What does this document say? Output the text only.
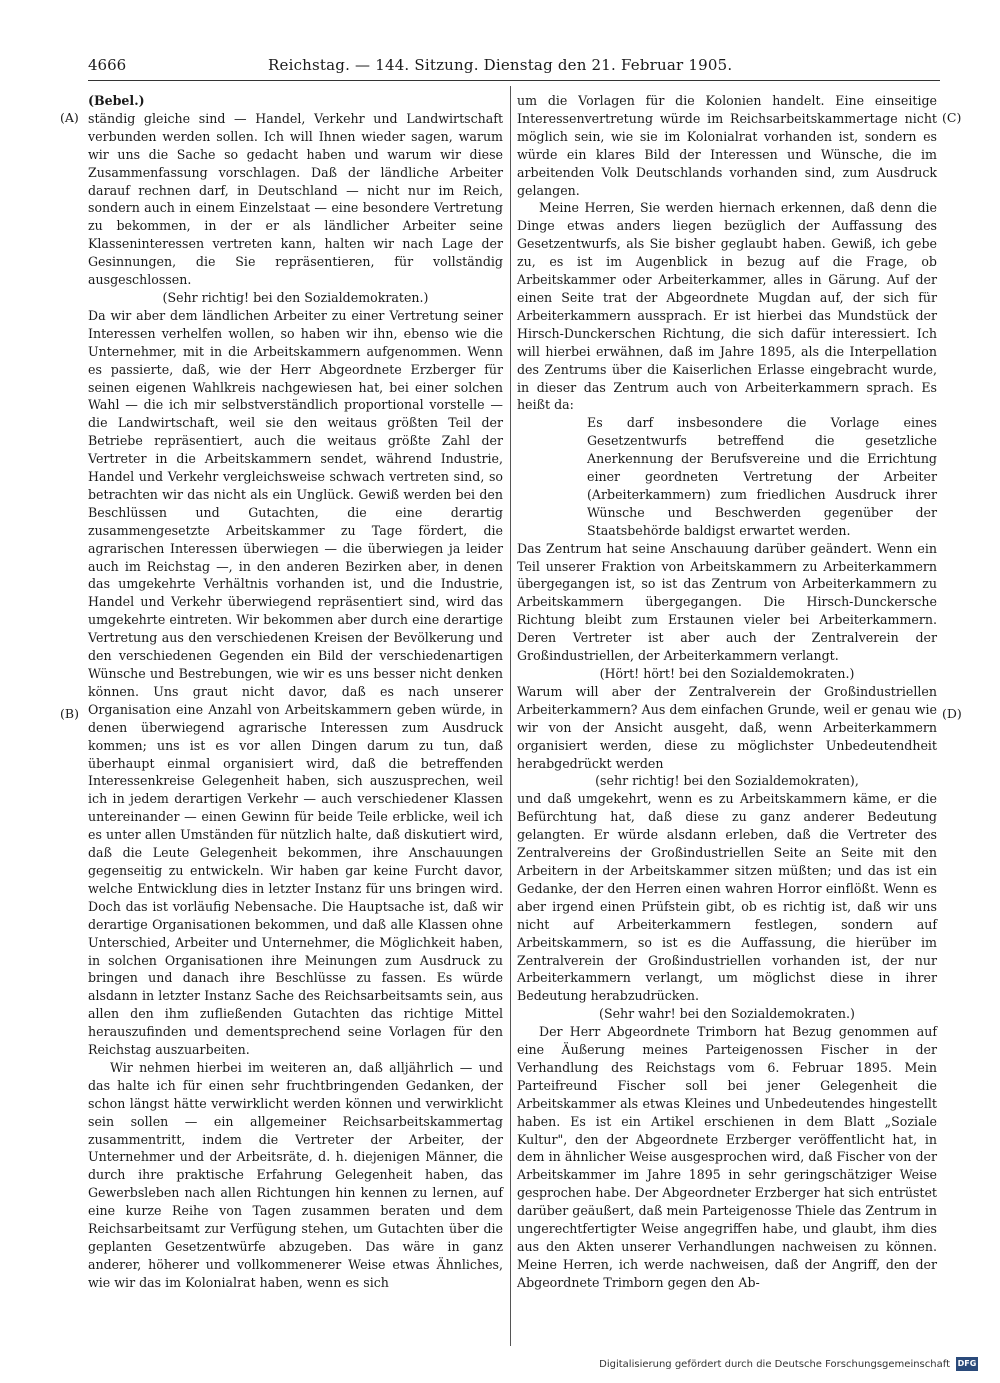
4666	Reichstag. — 144. Sitzung. Dienstag den 21. Februar 1905.
(A)
(B)
(C)
(D)

(Bebel.)

ständig gleiche sind — Handel, Verkehr und Landwirtschaft verbunden werden sollen. Ich will Ihnen wieder sagen, warum wir uns die Sache so gedacht haben und warum wir diese Zusammenfassung vorschlagen. Daß der ländliche Arbeiter darauf rechnen darf, in Deutschland — nicht nur im Reich, sondern auch in einem Einzelstaat — eine besondere Vertretung zu bekommen, in der er als ländlicher Arbeiter seine Klasseninteressen vertreten kann, halten wir nach Lage der Gesinnungen, die Sie repräsentieren, für vollständig ausgeschlossen.

(Sehr richtig! bei den Sozialdemokraten.)

Da wir aber dem ländlichen Arbeiter zu einer Vertretung seiner Interessen verhelfen wollen, so haben wir ihn, ebenso wie die Unternehmer, mit in die Arbeitskammern aufgenommen. Wenn es passierte, daß, wie der Herr Abgeordnete Erzberger für seinen eigenen Wahlkreis nachgewiesen hat, bei einer solchen Wahl — die ich mir selbstverständlich proportional vorstelle — die Landwirtschaft, weil sie den weitaus größten Teil der Betriebe repräsentiert, auch die weitaus größte Zahl der Vertreter in die Arbeitskammern sendet, während Industrie, Handel und Verkehr vergleichsweise schwach vertreten sind, so betrachten wir das nicht als ein Unglück. Gewiß werden bei den Beschlüssen und Gutachten, die eine derartig zusammengesetzte Arbeitskammer zu Tage fördert, die agrarischen Interessen überwiegen — die überwiegen ja leider auch im Reichstag —, in den anderen Bezirken aber, in denen das umgekehrte Verhältnis vorhanden ist, und die Industrie, Handel und Verkehr überwiegend repräsentiert sind, wird das umgekehrte eintreten. Wir bekommen aber durch eine derartige Vertretung aus den verschiedenen Kreisen der Bevölkerung und den verschiedenen Gegenden ein Bild der verschiedenartigen Wünsche und Bestrebungen, wie wir es uns besser nicht denken können. Uns graut nicht davor, daß es nach unserer Organisation eine Anzahl von Arbeitskammern geben würde, in denen überwiegend agrarische Interessen zum Ausdruck kommen; uns ist es vor allen Dingen darum zu tun, daß überhaupt einmal organisiert wird, daß die betreffenden Interessenkreise Gelegenheit haben, sich auszusprechen, weil ich in jedem derartigen Verkehr — auch verschiedener Klassen untereinander — einen Gewinn für beide Teile erblicke, weil ich es unter allen Umständen für nützlich halte, daß diskutiert wird, daß die Leute Gelegenheit bekommen, ihre Anschauungen gegenseitig zu entwickeln. Wir haben gar keine Furcht davor, welche Entwicklung dies in letzter Instanz für uns bringen wird. Doch das ist vorläufig Nebensache. Die Hauptsache ist, daß wir derartige Organisationen bekommen, und daß alle Klassen ohne Unterschied, Arbeiter und Unternehmer, die Möglichkeit haben, in solchen Organisationen ihre Meinungen zum Ausdruck zu bringen und danach ihre Beschlüsse zu fassen. Es würde alsdann in letzter Instanz Sache des Reichsarbeitsamts sein, aus allen den ihm zufließenden Gutachten das richtige Mittel herauszufinden und dementsprechend seine Vorlagen für den Reichstag auszuarbeiten.

Wir nehmen hierbei im weiteren an, daß alljährlich — und das halte ich für einen sehr fruchtbringenden Gedanken, der schon längst hätte verwirklicht werden können und verwirklicht sein sollen — ein allgemeiner Reichsarbeitskammertag zusammentritt, indem die Vertreter der Arbeiter, der Unternehmer und der Arbeitsräte, d. h. diejenigen Männer, die durch ihre praktische Erfahrung Gelegenheit haben, das Gewerbsleben nach allen Richtungen hin kennen zu lernen, auf eine kurze Reihe von Tagen zusammen beraten und dem Reichsarbeitsamt zur Verfügung stehen, um Gutachten über die geplanten Gesetzentwürfe abzugeben. Das wäre in ganz anderer, höherer und vollkommenerer Weise etwas Ähnliches, wie wir das im Kolonialrat haben, wenn es sich

um die Vorlagen für die Kolonien handelt. Eine einseitige Interessenvertretung würde im Reichsarbeitskammertage nicht möglich sein, wie sie im Kolonialrat vorhanden ist, sondern es würde ein klares Bild der Interessen und Wünsche, die im arbeitenden Volk Deutschlands vorhanden sind, zum Ausdruck gelangen.

Meine Herren, Sie werden hiernach erkennen, daß denn die Dinge etwas anders liegen bezüglich der Auffassung des Gesetzentwurfs, als Sie bisher geglaubt haben. Gewiß, ich gebe zu, es ist im Augenblick in bezug auf die Frage, ob Arbeitskammer oder Arbeiterkammer, alles in Gärung. Auf der einen Seite trat der Abgeordnete Mugdan auf, der sich für Arbeiterkammern aussprach. Er ist hierbei das Mundstück der Hirsch-Dunckerschen Richtung, die sich dafür interessiert. Ich will hierbei erwähnen, daß im Jahre 1895, als die Interpellation des Zentrums über die Kaiserlichen Erlasse eingebracht wurde, in dieser das Zentrum auch von Arbeiterkammern sprach. Es heißt da:

Es darf insbesondere die Vorlage eines Gesetzentwurfs betreffend die gesetzliche Anerkennung der Berufsvereine und die Errichtung einer geordneten Vertretung der Arbeiter (Arbeiterkammern) zum friedlichen Ausdruck ihrer Wünsche und Beschwerden gegenüber der Staatsbehörde baldigst erwartet werden.

Das Zentrum hat seine Anschauung darüber geändert. Wenn ein Teil unserer Fraktion von Arbeitskammern zu Arbeiterkammern übergegangen ist, so ist das Zentrum von Arbeiterkammern zu Arbeitskammern übergegangen. Die Hirsch-Dunckersche Richtung bleibt zum Erstaunen vieler bei Arbeiterkammern. Deren Vertreter ist aber auch der Zentralverein der Großindustriellen, der Arbeiterkammern verlangt.

(Hört! hört! bei den Sozialdemokraten.)

Warum will aber der Zentralverein der Großindustriellen Arbeiterkammern? Aus dem einfachen Grunde, weil er genau wie wir von der Ansicht ausgeht, daß, wenn Arbeiterkammern organisiert werden, diese zu möglichster Unbedeutendheit herabgedrückt werden

(sehr richtig! bei den Sozialdemokraten),

und daß umgekehrt, wenn es zu Arbeitskammern käme, er die Befürchtung hat, daß diese zu ganz anderer Bedeutung gelangten. Er würde alsdann erleben, daß die Vertreter des Zentralvereins der Großindustriellen Seite an Seite mit den Arbeitern in der Arbeitskammer sitzen müßten; und das ist ein Gedanke, der den Herren einen wahren Horror einflößt. Wenn es aber irgend einen Prüfstein gibt, ob es richtig ist, daß wir uns nicht auf Arbeiterkammern festlegen, sondern auf Arbeitskammern, so ist es die Auffassung, die hierüber im Zentralverein der Großindustriellen vorhanden ist, der nur Arbeiterkammern verlangt, um möglichst diese in ihrer Bedeutung herabzudrücken.

(Sehr wahr! bei den Sozialdemokraten.)

Der Herr Abgeordnete Trimborn hat Bezug genommen auf eine Äußerung meines Parteigenossen Fischer in der Verhandlung des Reichstags vom 6. Februar 1895. Mein Parteifreund Fischer soll bei jener Gelegenheit die Arbeitskammer als etwas Kleines und Unbedeutendes hingestellt haben. Es ist ein Artikel erschienen in dem Blatt „Soziale Kultur", den der Abgeordnete Erzberger veröffentlicht hat, in dem in ähnlicher Weise ausgesprochen wird, daß Fischer von der Arbeitskammer im Jahre 1895 in sehr geringschätziger Weise gesprochen habe. Der Abgeordneter Erzberger hat sich entrüstet darüber geäußert, daß mein Parteigenosse Thiele das Zentrum in ungerechtfertigter Weise angegriffen habe, und glaubt, ihm dies aus den Akten unserer Verhandlungen nachweisen zu können. Meine Herren, ich werde nachweisen, daß der Angriff, den der Abgeordnete Trimborn gegen den Ab-

Digitalisierung gefördert durch die Deutsche Forschungsgemeinschaft DFG
